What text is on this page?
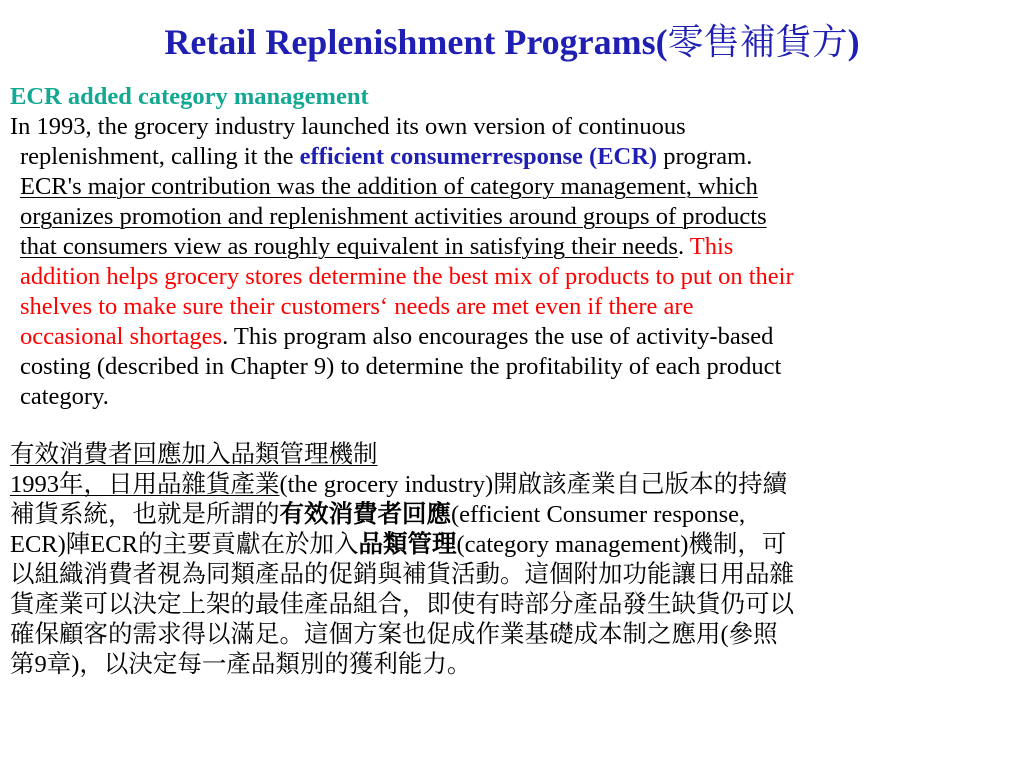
Retail Replenishment Programs(零售補貨方)
ECR added category management
In 1993, the grocery industry launched its own version of continuous
replenishment, calling it the efficient consumerresponse (ECR) program.
ECR's major contribution was the addition of category management, which
organizes promotion and replenishment activities around groups of products
that consumers view as roughly equivalent in satisfying their needs. This
addition helps grocery stores determine the best mix of products to put on their
shelves to make sure their customers‘ needs are met even if there are
occasional shortages. This program also encourages the use of activity-based
costing (described in Chapter 9) to determine the profitability of each product
category.
有效消費者回應加入品類管理機制
1993年，日用品雜貨產業(the grocery industry)開啟該產業自己版本的持續
補貨系統，也就是所謂的有效消費者回應(efficient Consumer response,
ECR)陣ECR的主要貢獻在於加入品類管理(category management)機制，可
以組織消費者視為同類產品的促銷與補貨活動。這個附加功能讓日用品雜
貨產業可以決定上架的最佳產品組合，即使有時部分產品發生缺貨仍可以
確保顧客的需求得以滿足。這個方案也促成作業基礎成本制之應用(參照
第9章)，以決定每一產品類別的獲利能力。
